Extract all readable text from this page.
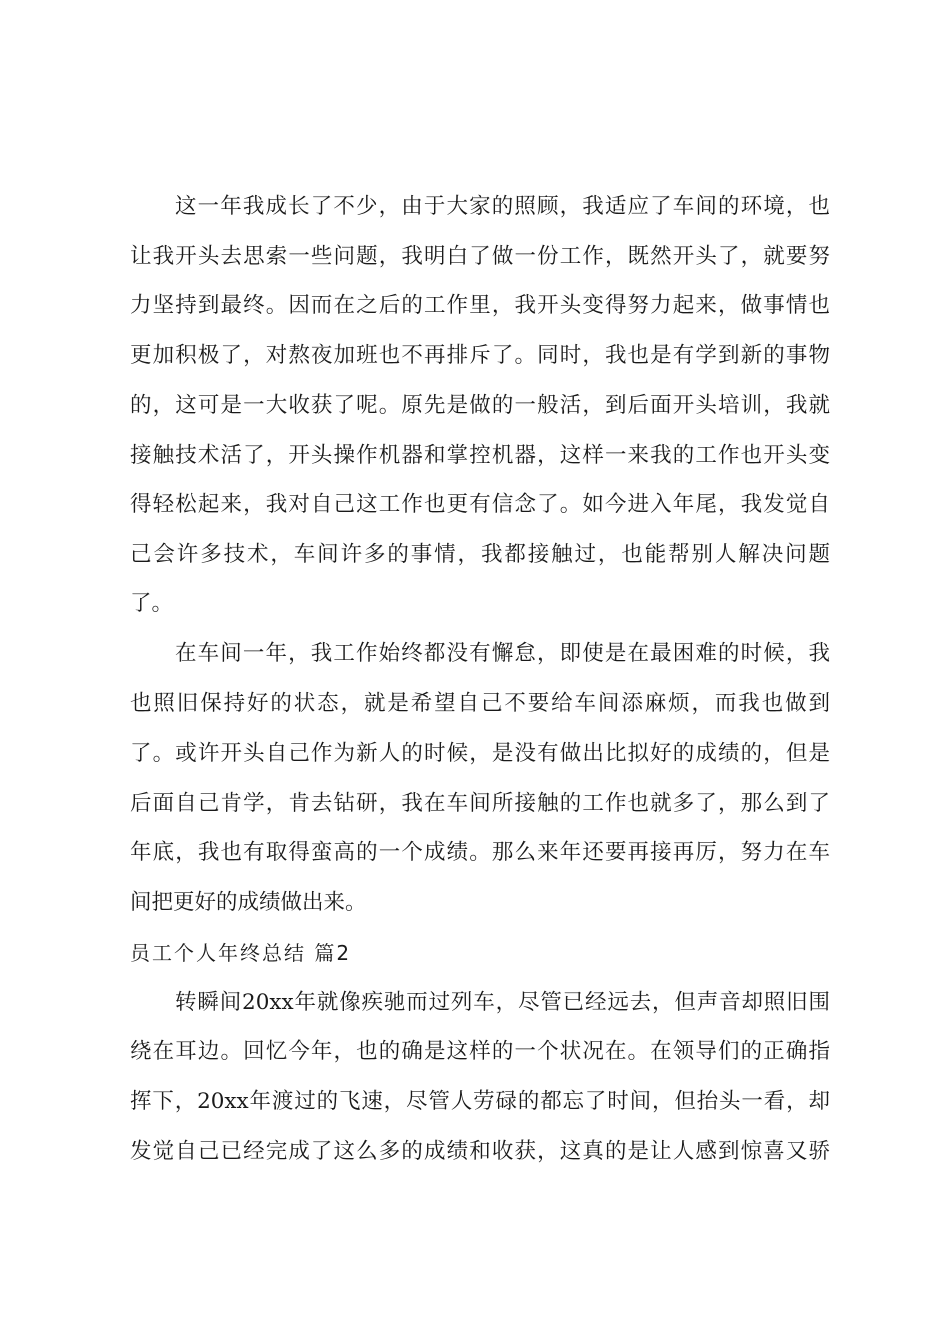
这一年我成长了不少，由于大家的照顾，我适应了车间的环境，也
让我开头去思索一些问题，我明白了做一份工作，既然开头了，就要努
力坚持到最终。因而在之后的工作里，我开头变得努力起来，做事情也
更加积极了，对熬夜加班也不再排斥了。同时，我也是有学到新的事物
的，这可是一大收获了呢。原先是做的一般活，到后面开头培训，我就
接触技术活了，开头操作机器和掌控机器，这样一来我的工作也开头变
得轻松起来，我对自己这工作也更有信念了。如今进入年尾，我发觉自
己会许多技术，车间许多的事情，我都接触过，也能帮别人解决问题
了。
在车间一年，我工作始终都没有懈怠，即使是在最困难的时候，我
也照旧保持好的状态，就是希望自己不要给车间添麻烦，而我也做到
了。或许开头自己作为新人的时候，是没有做出比拟好的成绩的，但是
后面自己肯学，肯去钻研，我在车间所接触的工作也就多了，那么到了
年底，我也有取得蛮高的一个成绩。那么来年还要再接再厉，努力在车
间把更好的成绩做出来。
员工个人年终总结 篇2
转瞬间20xx年就像疾驰而过列车，尽管已经远去，但声音却照旧围
绕在耳边。回忆今年，也的确是这样的一个状况在。在领导们的正确指
挥下，20xx年渡过的飞速，尽管人劳碌的都忘了时间，但抬头一看，却
发觉自己已经完成了这么多的成绩和收获，这真的是让人感到惊喜又骄
